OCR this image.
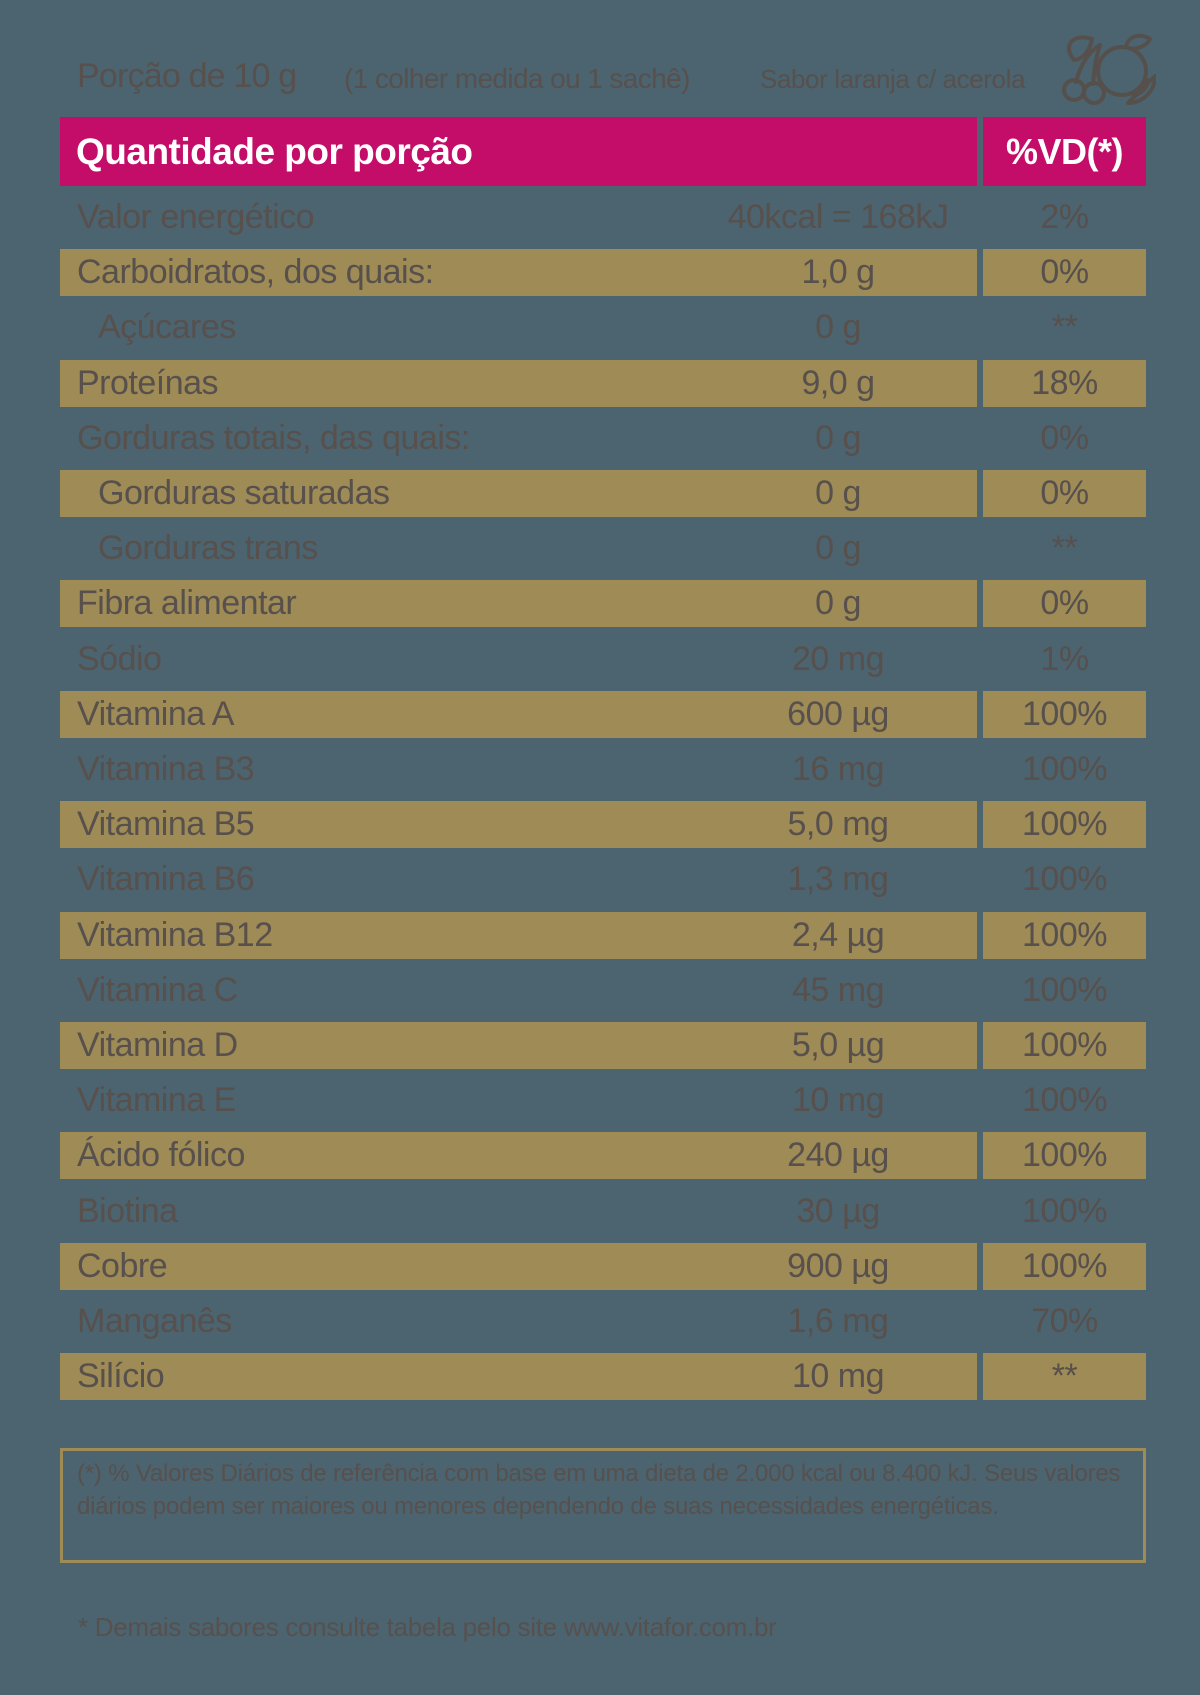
Porção de 10 g (1 colher medida ou 1 sachê)	Sabor laranja c/ acerola
Quantidade por porção	%VD(*)
Valor energético	40kcal = 168kJ	2%
Carboidratos, dos quais:	1,0 g	0%
Açúcares	0 g	**
Proteínas	9,0 g	18%
Gorduras totais, das quais:	0 g	0%
Gorduras saturadas	0 g	0%
Gorduras trans	0 g	**
Fibra alimentar	0 g	0%
Sódio	20 mg	1%
Vitamina A	600 µg	100%
Vitamina B3	16 mg	100%
Vitamina B5	5,0 mg	100%
Vitamina B6	1,3 mg	100%
Vitamina B12	2,4 µg	100%
Vitamina C	45 mg	100%
Vitamina D	5,0 µg	100%
Vitamina E	10 mg	100%
Ácido fólico	240 µg	100%
Biotina	30 µg	100%
Cobre	900 µg	100%
Manganês	1,6 mg	70%
Silício	10 mg	**
(*) % Valores Diários de referência com base em uma dieta de 2.000 kcal ou 8.400 kJ. Seus valores diários podem ser maiores ou menores dependendo de suas necessidades energéticas.
* Demais sabores consulte tabela pelo site www.vitafor.com.br
